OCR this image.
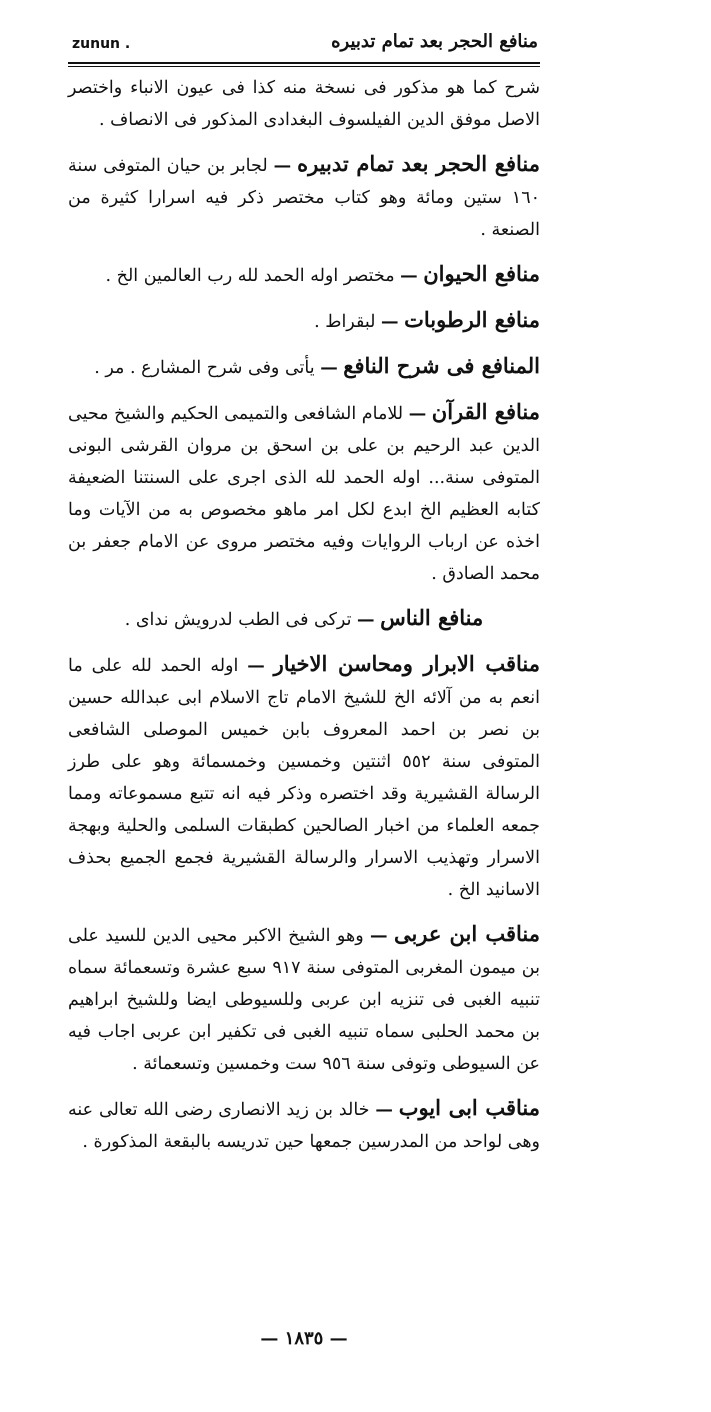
zunun .	منافع الحجر بعد تمام تدبيره

شرح كما هو مذكور فى نسخة منه كذا فى عيون الانباء واختصر الاصل موفق الدين الفيلسوف البغدادى المذكور فى الانصاف .

منافع الحجر بعد تمام تدبيره — لجابر بن حيان المتوفى سنة ١٦٠ ستين ومائة وهو كتاب مختصر ذكر فيه اسرارا كثيرة من الصنعة .

منافع الحيوان — مختصر اوله الحمد لله رب العالمين الخ .

منافع الرطوبات — لبقراط .

المنافع فى شرح النافع — يأتى وفى شرح المشارع . مر .

منافع القرآن — للامام الشافعى والتميمى الحكيم والشيخ محيى الدين عبد الرحيم بن على بن اسحق بن مروان القرشى البونى المتوفى سنة... اوله الحمد لله الذى اجرى على السنتنا الضعيفة كتابه العظيم الخ ابدع لكل امر ماهو مخصوص به من الآيات وما اخذه عن ارباب الروايات وفيه مختصر مروى عن الامام جعفر بن محمد الصادق .

منافع الناس — تركى فى الطب لدرويش نداى .

مناقب الابرار ومحاسن الاخيار — اوله الحمد لله على ما انعم به من آلائه الخ للشيخ الامام تاج الاسلام ابى عبدالله حسين بن نصر بن احمد المعروف بابن خميس الموصلى الشافعى المتوفى سنة ٥٥٢ اثنتين وخمسين وخمسمائة وهو على طرز الرسالة القشيرية وقد اختصره وذكر فيه انه تتبع مسموعاته ومما جمعه العلماء من اخبار الصالحين كطبقات السلمى والحلية وبهجة الاسرار وتهذيب الاسرار والرسالة القشيرية فجمع الجميع بحذف الاسانيد الخ .

مناقب ابن عربى — وهو الشيخ الاكبر محيى الدين للسيد على بن ميمون المغربى المتوفى سنة ٩١٧ سبع عشرة وتسعمائة سماه تنبيه الغبى فى تنزيه ابن عربى وللسيوطى ايضا وللشيخ ابراهيم بن محمد الحلبى سماه تنبيه الغبى فى تكفير ابن عربى اجاب فيه عن السيوطى وتوفى سنة ٩٥٦ ست وخمسين وتسعمائة .

مناقب ابى ايوب — خالد بن زيد الانصارى رضى الله تعالى عنه وهى لواحد من المدرسين جمعها حين تدريسه بالبقعة المذكورة .

— ١٨٣٥ —
